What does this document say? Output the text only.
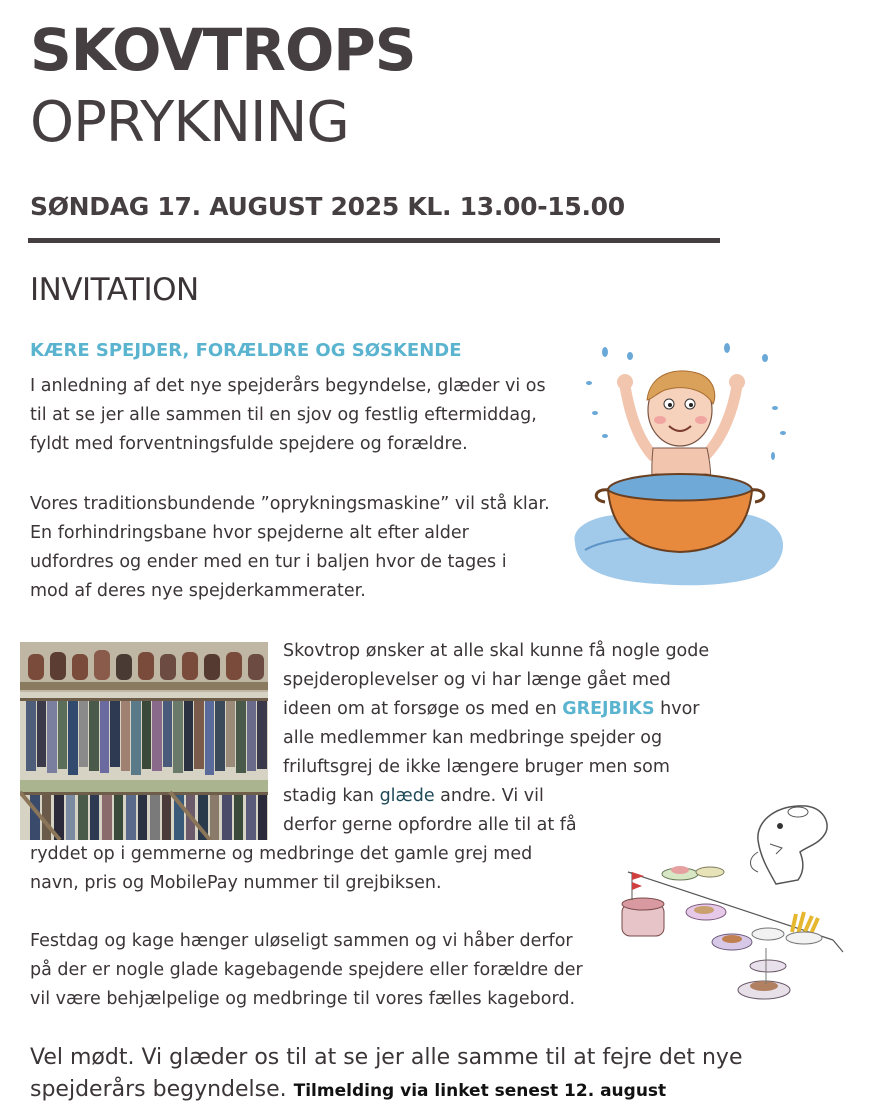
SKOVTROPS
OPRYKNING
SØNDAG 17. AUGUST 2025 KL. 13.00-15.00
INVITATION
KÆRE SPEJDER, FORÆLDRE OG SØSKENDE
I anledning af det nye spejderårs begyndelse, glæder vi os
til at se jer alle sammen til en sjov og festlig eftermiddag,
fyldt med forventningsfulde spejdere og forældre.
Vores traditionsbundende ”oprykningsmaskine” vil stå klar.
En forhindringsbane hvor spejderne alt efter alder
udfordres og ender med en tur i baljen hvor de tages i
mod af deres nye spejderkammerater.
Skovtrop ønsker at alle skal kunne få nogle gode
spejderoplevelser og vi har længe gået med
ideen om at forsøge os med en GREJBIKS hvor
alle medlemmer kan medbringe spejder og
friluftsgrej de ikke længere bruger men som
stadig kan glæde andre. Vi vil
derfor gerne opfordre alle til at få
ryddet op i gemmerne og medbringe det gamle grej med
navn, pris og MobilePay nummer til grejbiksen.
Festdag og kage hænger uløseligt sammen og vi håber derfor
på der er nogle glade kagebagende spejdere eller forældre der
vil være behjælpelige og medbringe til vores fælles kagebord.
Vel mødt. Vi glæder os til at se jer alle samme til at fejre det nye
spejderårs begyndelse. Tilmelding via linket senest 12. august
